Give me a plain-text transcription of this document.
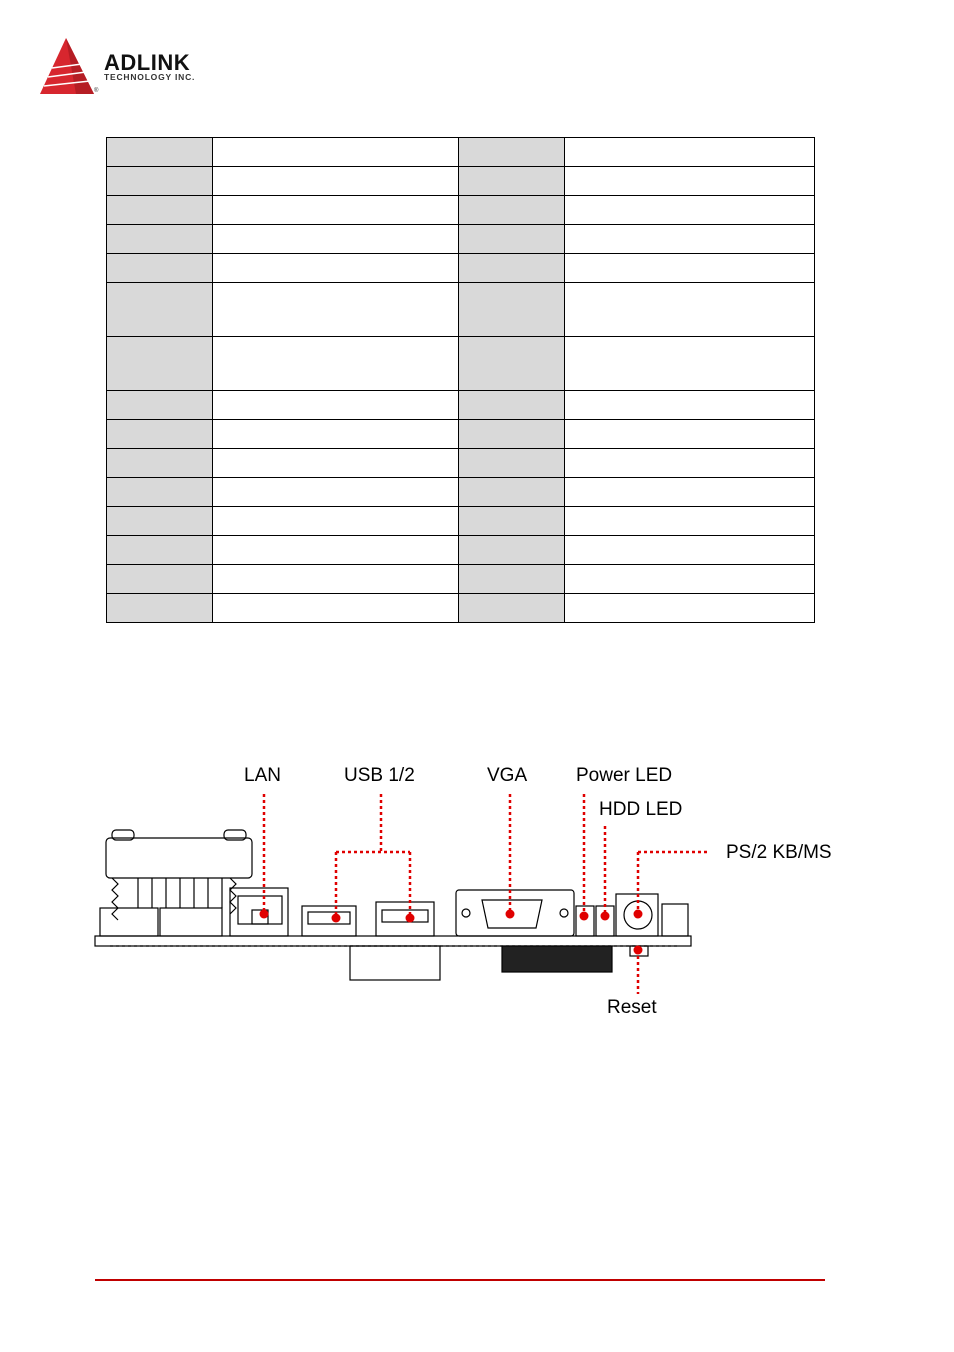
ADLINK
TECHNOLOGY INC.
®

LAN	USB 1/2	VGA	Power LED
HDD LED
PS/2 KB/MS
Reset
